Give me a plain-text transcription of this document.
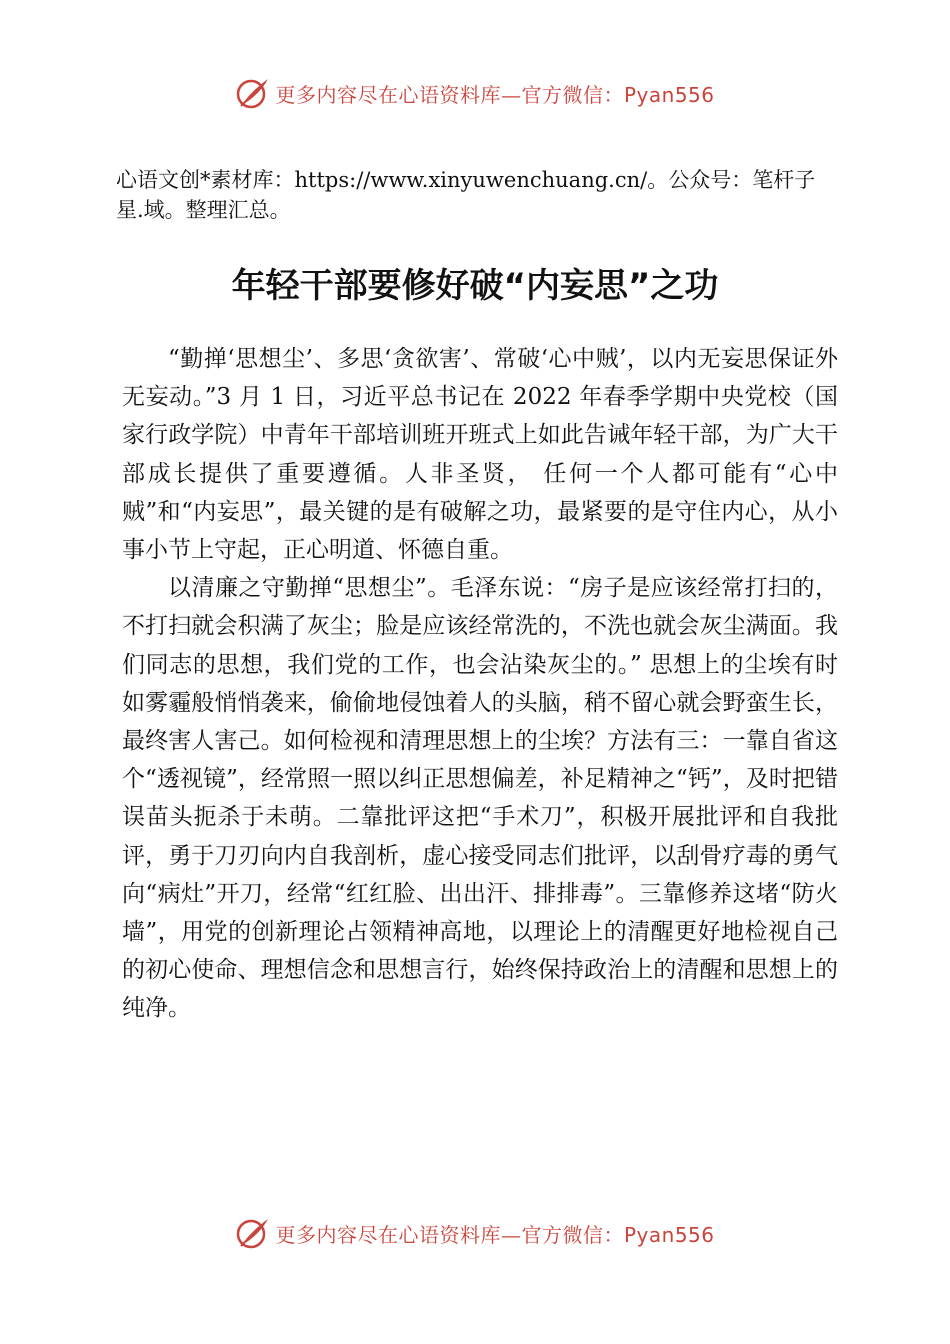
更多内容尽在心语资料库—官方微信：Pyan556
心语文创*素材库：https://www.xinyuwenchuang.cn/。公众号：笔杆子星.域。整理汇总。
年轻干部要修好破“内妄思”之功

“勤掸‘思想尘’、多思‘贪欲害’、常破‘心中贼’，以内无妄思保证外无妄动。”3 月 1 日，习近平总书记在 2022 年春季学期中央党校（国家行政学院）中青年干部培训班开班式上如此告诫年轻干部，为广大干部成长提供了重要遵循。人非圣贤， 任何一个人都可能有“心中贼”和“内妄思”，最关键的是有破解之功，最紧要的是守住内心，从小事小节上守起，正心明道、怀德自重。

以清廉之守勤掸“思想尘”。毛泽东说：“房子是应该经常打扫的，不打扫就会积满了灰尘；脸是应该经常洗的，不洗也就会灰尘满面。我们同志的思想，我们党的工作，也会沾染灰尘的。” 思想上的尘埃有时如雾霾般悄悄袭来，偷偷地侵蚀着人的头脑，稍不留心就会野蛮生长，最终害人害己。如何检视和清理思想上的尘埃？方法有三：一靠自省这个“透视镜”，经常照一照以纠正思想偏差，补足精神之“钙”，及时把错误苗头扼杀于未萌。二靠批评这把“手术刀”，积极开展批评和自我批评，勇于刀刃向内自我剖析，虚心接受同志们批评，以刮骨疗毒的勇气向“病灶”开刀，经常“红红脸、出出汗、排排毒”。三靠修养这堵“防火墙”，用党的创新理论占领精神高地，以理论上的清醒更好地检视自己的初心使命、理想信念和思想言行，始终保持政治上的清醒和思想上的纯净。

更多内容尽在心语资料库—官方微信：Pyan556
